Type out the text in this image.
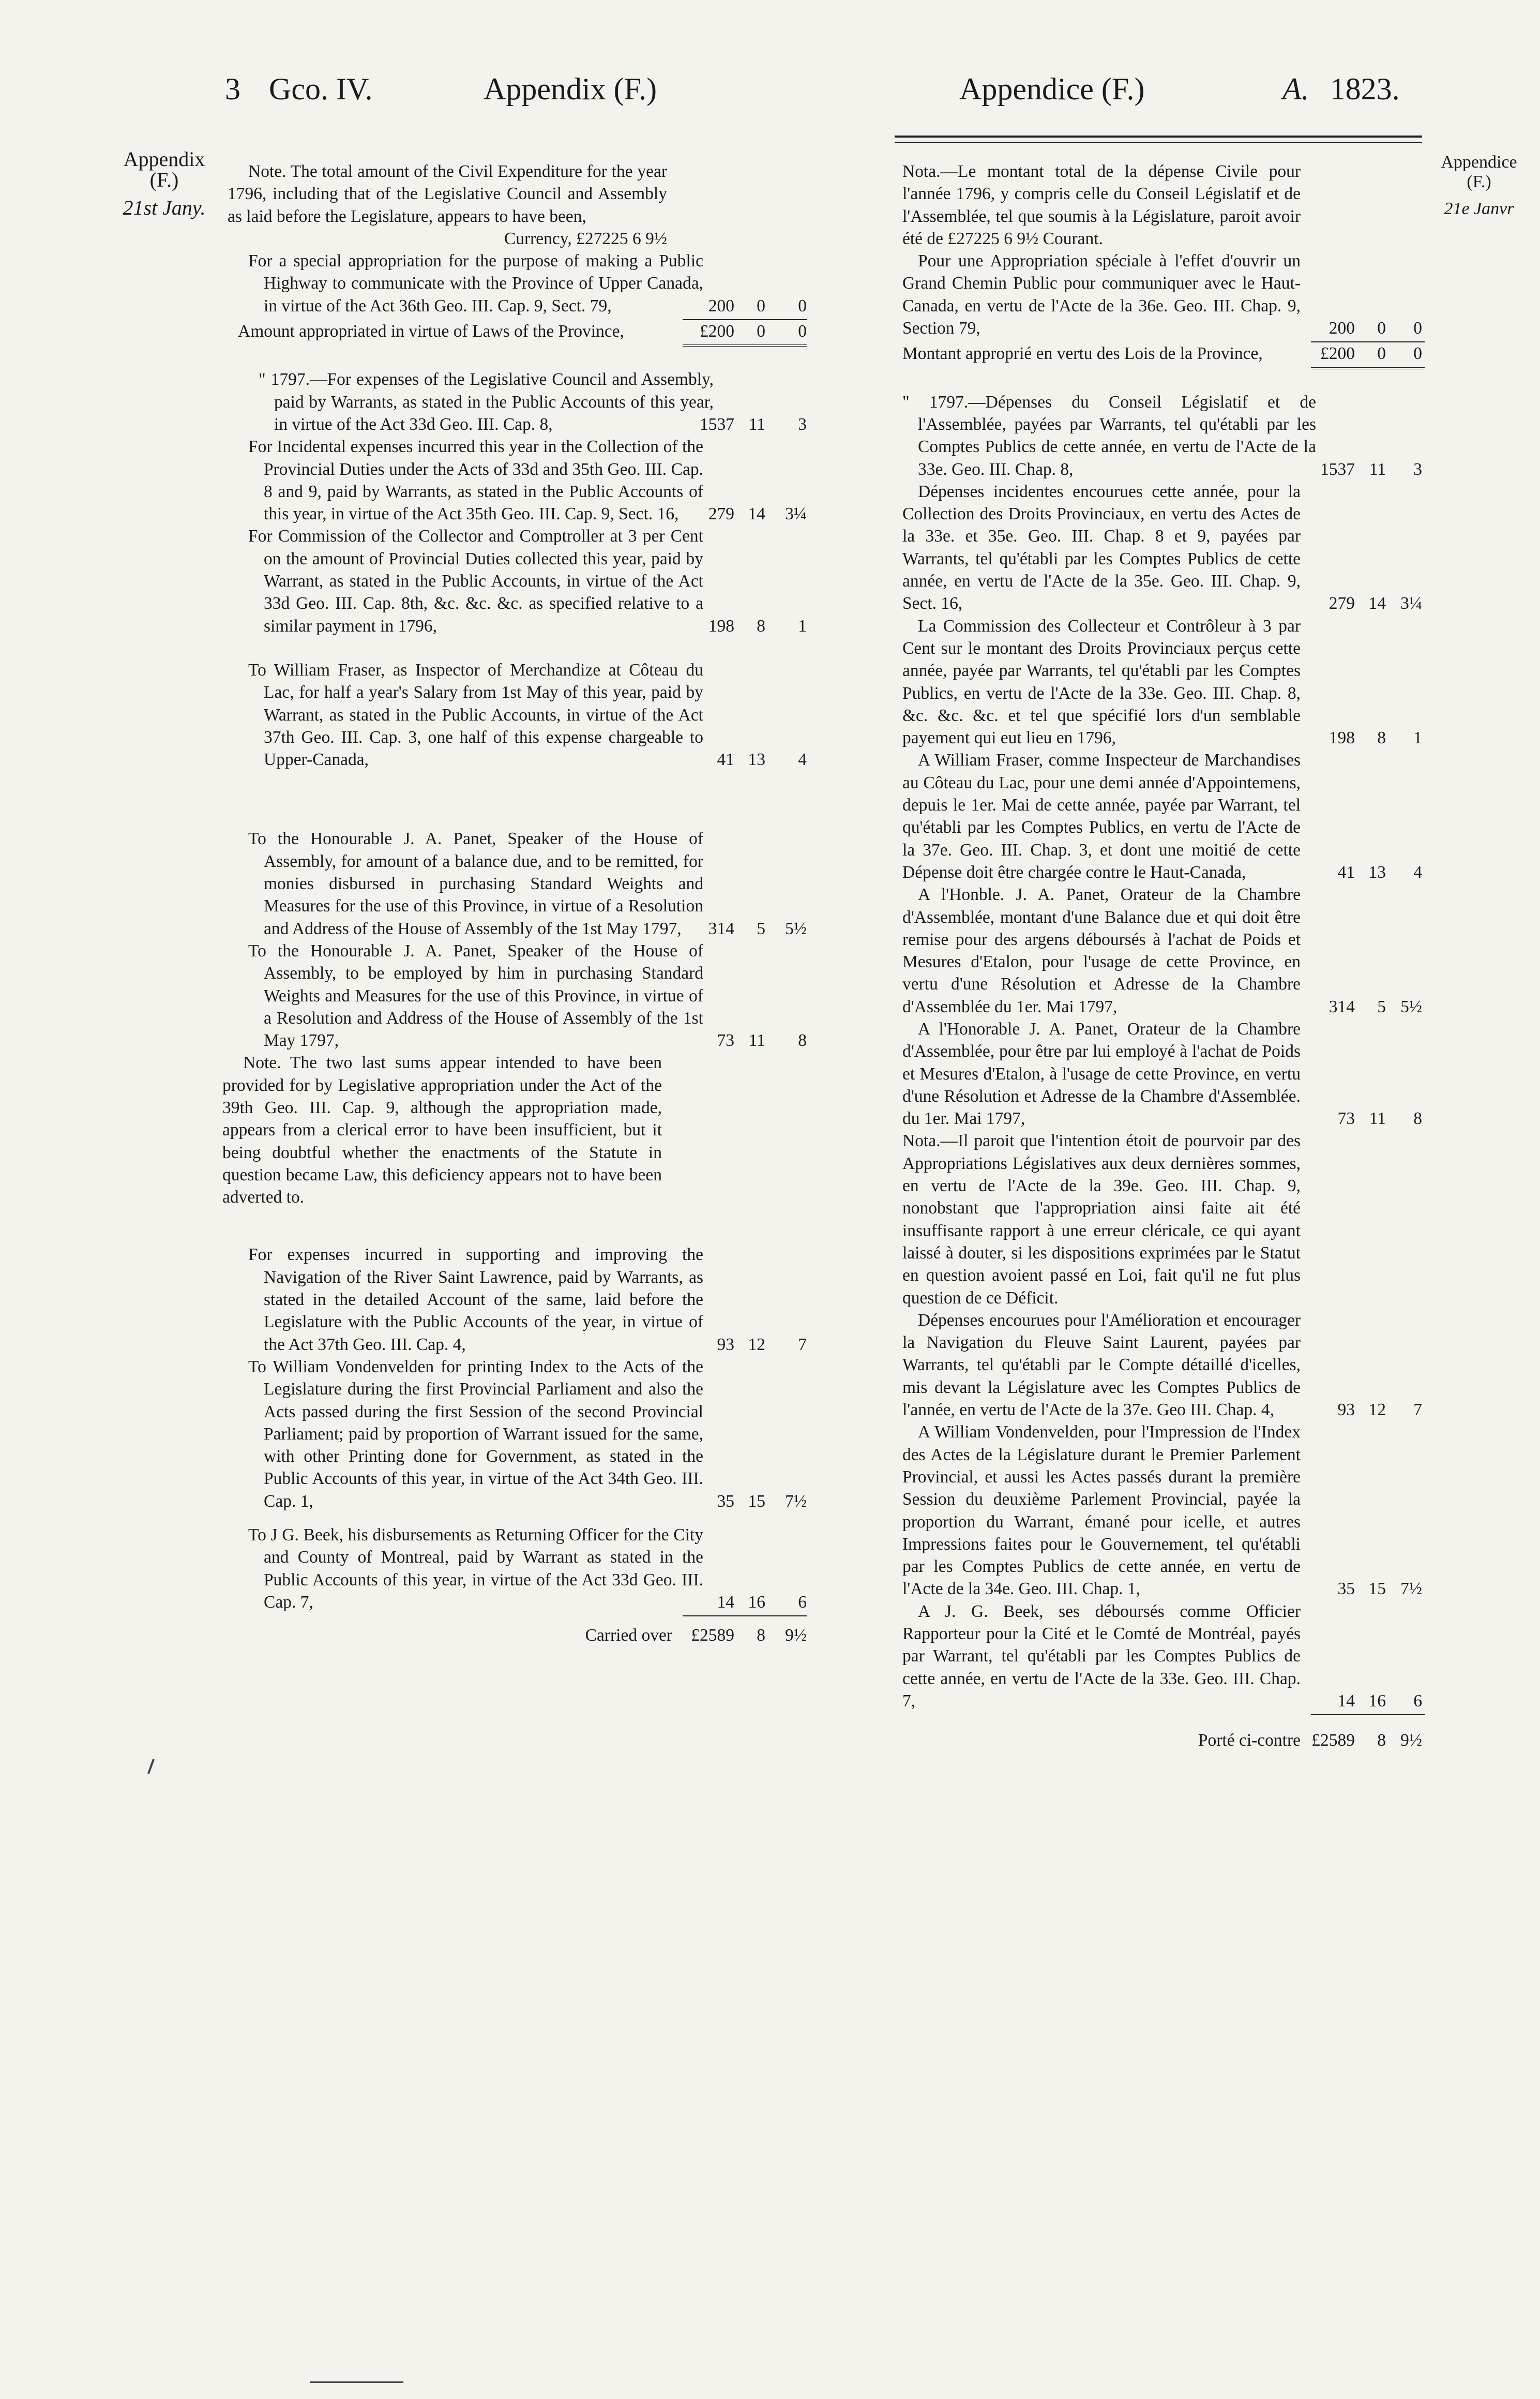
3 Gco. IV.	Appendix (F.)	Appendice (F.)	A. 1823.
Appendix
(F.)
21st Jany.
Appendice
(F.)
21e Janvr

Note. The total amount of the Civil Expenditure for the year 1796, including that of the Legislative Council and Assembly as laid before the Legislature, appears to have been,

Currency, £27225 6 9½

For a special appropriation for the purpose of making a Public Highway to communicate with the Province of Upper Canada, in virtue of the Act 36th Geo. III. Cap. 9, Sect. 79,	200 0 0

Amount appropriated in virtue of Laws of the Province,	£200 0 0

" 1797.—For expenses of the Legislative Council and Assembly, paid by Warrants, as stated in the Public Accounts of this year, in virtue of the Act 33d Geo. III. Cap. 8,	1537 11 3

For Incidental expenses incurred this year in the Collection of the Provincial Duties under the Acts of 33d and 35th Geo. III. Cap. 8 and 9, paid by Warrants, as stated in the Public Accounts of this year, in virtue of the Act 35th Geo. III. Cap. 9, Sect. 16,	279 14 3¼

For Commission of the Collector and Comptroller at 3 per Cent on the amount of Provincial Duties collected this year, paid by Warrant, as stated in the Public Accounts, in virtue of the Act 33d Geo. III. Cap. 8th, &c. &c. &c. as specified relative to a similar payment in 1796,	198 8 1

To William Fraser, as Inspector of Merchandize at Côteau du Lac, for half a year's Salary from 1st May of this year, paid by Warrant, as stated in the Public Accounts, in virtue of the Act 37th Geo. III. Cap. 3, one half of this expense chargeable to Upper-Canada,	41 13 4

To the Honourable J. A. Panet, Speaker of the House of Assembly, for amount of a balance due, and to be remitted, for monies disbursed in purchasing Standard Weights and Measures for the use of this Province, in virtue of a Resolution and Address of the House of Assembly of the 1st May 1797,	314 5 5½

To the Honourable J. A. Panet, Speaker of the House of Assembly, to be employed by him in purchasing Standard Weights and Measures for the use of this Province, in virtue of a Resolution and Address of the House of Assembly of the 1st May 1797,	73 11 8

Note. The two last sums appear intended to have been provided for by Legislative appropriation under the Act of the 39th Geo. III. Cap. 9, although the appropriation made, appears from a clerical error to have been insufficient, but it being doubtful whether the enactments of the Statute in question became Law, this deficiency appears not to have been adverted to.

For expenses incurred in supporting and improving the Navigation of the River Saint Lawrence, paid by Warrants, as stated in the detailed Account of the same, laid before the Legislature with the Public Accounts of the year, in virtue of the Act 37th Geo. III. Cap. 4,	93 12 7

To William Vondenvelden for printing Index to the Acts of the Legislature during the first Provincial Parliament and also the Acts passed during the first Session of the second Provincial Parliament; paid by proportion of Warrant issued for the same, with other Printing done for Government, as stated in the Public Accounts of this year, in virtue of the Act 34th Geo. III. Cap. 1,	35 15 7½

To J G. Beek, his disbursements as Returning Officer for the City and County of Montreal, paid by Warrant as stated in the Public Accounts of this year, in virtue of the Act 33d Geo. III. Cap. 7,	14 16 6
Carried over £2589 8 9½

Nota.—Le montant total de la dépense Civile pour l'année 1796, y compris celle du Conseil Législatif et de l'Assemblée, tel que soumis à la Législature, paroit avoir été de £27225 6 9½ Courant.

Pour une Appropriation spéciale à l'effet d'ouvrir un Grand Chemin Public pour communiquer avec le Haut-Canada, en vertu de l'Acte de la 36e. Geo. III. Chap. 9, Section 79,	200 0 0

Montant approprié en vertu des Lois de la Province,	£200 0 0

" 1797.—Dépenses du Conseil Législatif et de l'Assemblée, payées par Warrants, tel qu'établi par les Comptes Publics de cette année, en vertu de l'Acte de la 33e. Geo. III. Chap. 8,	1537 11 3

Dépenses incidentes encourues cette année, pour la Collection des Droits Provinciaux, en vertu des Actes de la 33e. et 35e. Geo. III. Chap. 8 et 9, payées par Warrants, tel qu'établi par les Comptes Publics de cette année, en vertu de l'Acte de la 35e. Geo. III. Chap. 9, Sect. 16,	279 14 3¼

La Commission des Collecteur et Contrôleur à 3 par Cent sur le montant des Droits Provinciaux perçus cette année, payée par Warrants, tel qu'établi par les Comptes Publics, en vertu de l'Acte de la 33e. Geo. III. Chap. 8, &c. &c. &c. et tel que spécifié lors d'un semblable payement qui eut lieu en 1796,	198 8 1

A William Fraser, comme Inspecteur de Marchandises au Côteau du Lac, pour une demi année d'Appointemens, depuis le 1er. Mai de cette année, payée par Warrant, tel qu'établi par les Comptes Publics, en vertu de l'Acte de la 37e. Geo. III. Chap. 3, et dont une moitié de cette Dépense doit être chargée contre le Haut-Canada,	41 13 4

A l'Honble. J. A. Panet, Orateur de la Chambre d'Assemblée, montant d'une Balance due et qui doit être remise pour des argens déboursés à l'achat de Poids et Mesures d'Etalon, pour l'usage de cette Province, en vertu d'une Résolution et Adresse de la Chambre d'Assemblée du 1er. Mai 1797,	314 5 5½

A l'Honorable J. A. Panet, Orateur de la Chambre d'Assemblée, pour être par lui employé à l'achat de Poids et Mesures d'Etalon, à l'usage de cette Province, en vertu d'une Résolution et Adresse de la Chambre d'Assemblée. du 1er. Mai 1797,	73 11 8

Nota.—Il paroit que l'intention étoit de pourvoir par des Appropriations Législatives aux deux dernières sommes, en vertu de l'Acte de la 39e. Geo. III. Chap. 9, nonobstant que l'appropriation ainsi faite ait été insuffisante rapport à une erreur cléricale, ce qui ayant laissé à douter, si les dispositions exprimées par le Statut en question avoient passé en Loi, fait qu'il ne fut plus question de ce Déficit.

Dépenses encourues pour l'Amélioration et encourager la Navigation du Fleuve Saint Laurent, payées par Warrants, tel qu'établi par le Compte détaillé d'icelles, mis devant la Législature avec les Comptes Publics de l'année, en vertu de l'Acte de la 37e. Geo III. Chap. 4,	93 12 7

A William Vondenvelden, pour l'Impression de l'Index des Actes de la Législature durant le Premier Parlement Provincial, et aussi les Actes passés durant la première Session du deuxième Parlement Provincial, payée la proportion du Warrant, émané pour icelle, et autres Impressions faites pour le Gouvernement, tel qu'établi par les Comptes Publics de cette année, en vertu de l'Acte de la 34e. Geo. III. Chap. 1,	35 15 7½

A J. G. Beek, ses déboursés comme Officier Rapporteur pour la Cité et le Comté de Montréal, payés par Warrant, tel qu'établi par les Comptes Publics de cette année, en vertu de l'Acte de la 33e. Geo. III. Chap. 7,	14 16 6
Porté ci-contre £2589 8 9½
